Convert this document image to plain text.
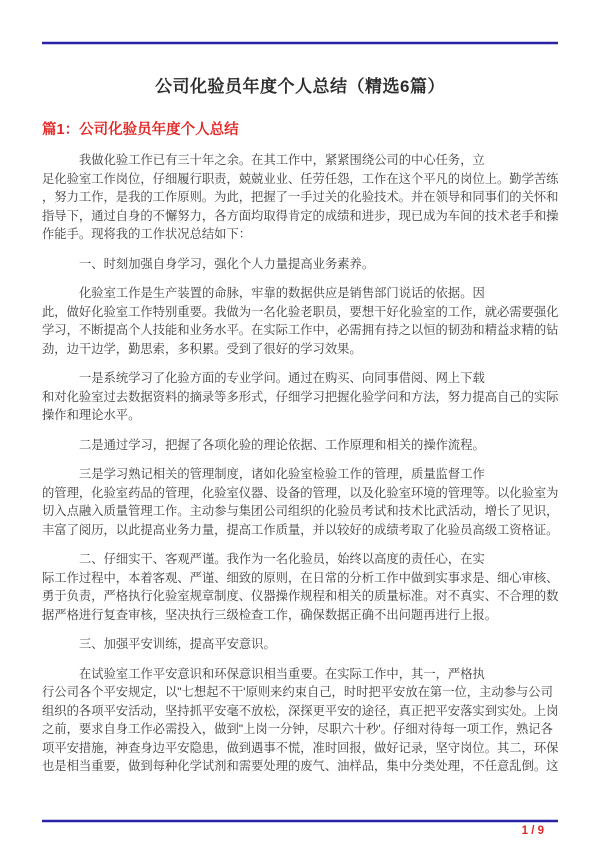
公司化验员年度个人总结（精选6篇）
篇1：公司化验员年度个人总结
我做化验工作已有三十年之余。在其工作中，紧紧围绕公司的中心任务，立
足化验室工作岗位，仔细履行职责，兢兢业业、任劳任怨，工作在这个平凡的岗位上。勤学苦练
，努力工作，是我的工作原则。为此，把握了一手过关的化验技术。并在领导和同事们的关怀和
指导下，通过自身的不懈努力，各方面均取得肯定的成绩和进步，现已成为车间的技术老手和操
作能手。现将我的工作状况总结如下：
一、时刻加强自身学习，强化个人力量提高业务素养。
化验室工作是生产装置的命脉，牢靠的数据供应是销售部门说话的依据。因
此，做好化验室工作特别重要。我做为一名化验老职员，要想干好化验室的工作，就必需要强化
学习，不断提高个人技能和业务水平。在实际工作中，必需拥有持之以恒的韧劲和精益求精的钻
劲，边干边学，勤思索，多积累。受到了很好的学习效果。
一是系统学习了化验方面的专业学问。通过在购买、向同事借阅、网上下载
和对化验室过去数据资料的摘录等多形式，仔细学习把握化验学问和方法，努力提高自己的实际
操作和理论水平。
二是通过学习，把握了各项化验的理论依据、工作原理和相关的操作流程。
三是学习熟记相关的管理制度，诸如化验室检验工作的管理，质量监督工作
的管理，化验室药品的管理，化验室仪器、设备的管理，以及化验室环境的管理等。以化验室为
切入点融入质量管理工作。主动参与集团公司组织的化验员考试和技术比武活动，增长了见识，
丰富了阅历，以此提高业务力量，提高工作质量，并以较好的成绩考取了化验员高级工资格证。
二、仔细实干、客观严谨。我作为一名化验员，始终以高度的责任心，在实
际工作过程中，本着客观、严谨、细致的原则，在日常的分析工作中做到实事求是、细心审核、
勇于负责，严格执行化验室规章制度、仪器操作规程和相关的质量标准。对不真实、不合理的数
据严格进行复查审核，坚决执行三级检查工作，确保数据正确不出问题再进行上报。
三、加强平安训练，提高平安意识。
在试验室工作平安意识和环保意识相当重要。在实际工作中，其一，严格执
行公司各个平安规定，以"七想起不干'原则来约束自己，时时把平安放在第一位，主动参与公司
组织的各项平安活动，坚持抓平安毫不放松，深探更平安的途径，真正把平安落实到实处。上岗
之前，要求自身工作必需投入，做到"上岗一分钟，尽职六十秒'。仔细对待每一项工作，熟记各
项平安措施，神查身边平安隐患，做到遇事不慌，准时回报，做好记录，坚守岗位。其二，环保
也是相当重要，做到每种化学试剂和需要处理的废气、油样品，集中分类处理，不任意乱倒。这
1 / 9
